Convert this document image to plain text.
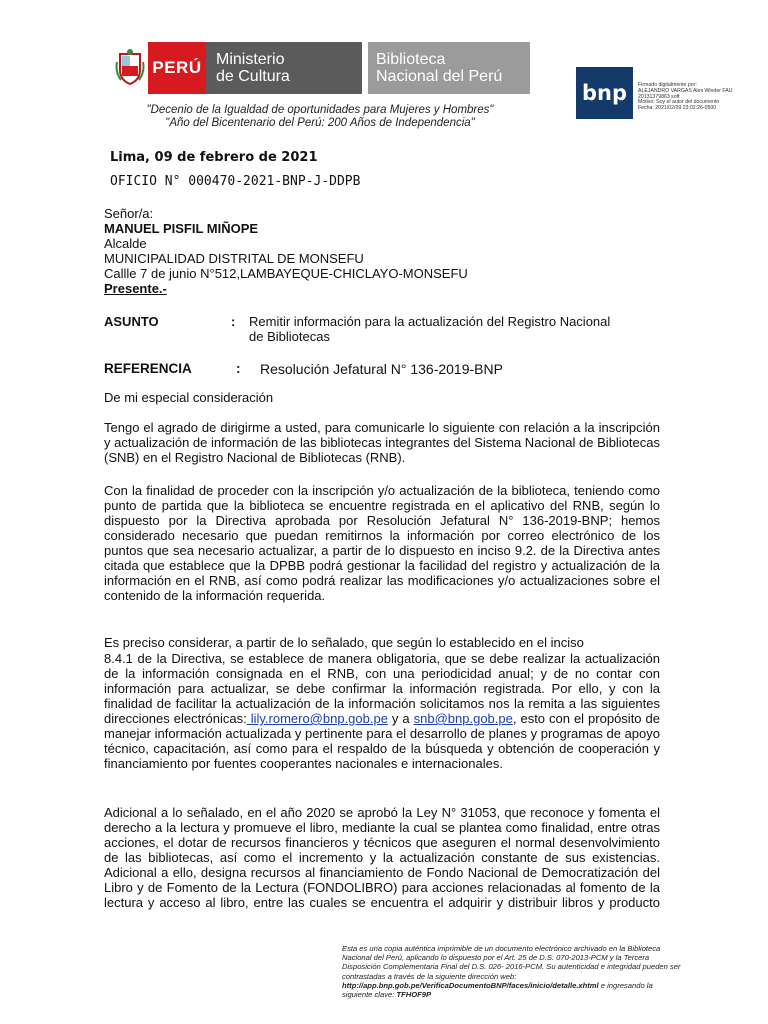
PERÚ Ministerio
de Cultura
Biblioteca
Nacional del Perú
bnp Firmado digitalmente por:
ALEJANDRO VARGAS Alex Winder FAU
20131379863 soft
Motivo: Soy el autor del documento
Fecha: 2021/02/09 23:02:26-0500
"Decenio de la Igualdad de oportunidades para Mujeres y Hombres"
"Año del Bicentenario del Perú: 200 Años de Independencia"
Lima, 09 de febrero de 2021
OFICIO N° 000470-2021-BNP-J-DDPB
Señor/a:
MANUEL PISFIL MIÑOPE
Alcalde
MUNICIPALIDAD DISTRITAL DE MONSEFU
Callle 7 de junio N°512,LAMBAYEQUE-CHICLAYO-MONSEFU
Presente.-
ASUNTO	: Remitir información para la actualización del Registro Nacional
de Bibliotecas
REFERENCIA	: Resolución Jefatural N° 136-2019-BNP
De mi especial consideración
Tengo el agrado de dirigirme a usted, para comunicarle lo siguiente con relación a la inscripción y actualización de información de las bibliotecas integrantes del Sistema Nacional de Bibliotecas (SNB) en el Registro Nacional de Bibliotecas (RNB).
Con la finalidad de proceder con la inscripción y/o actualización de la biblioteca, teniendo como punto de partida que la biblioteca se encuentre registrada en el aplicativo del RNB, según lo dispuesto por la Directiva aprobada por Resolución Jefatural N° 136-2019-BNP; hemos considerado necesario que puedan remitirnos la información por correo electrónico de los puntos que sea necesario actualizar, a partir de lo dispuesto en inciso 9.2. de la Directiva antes citada que establece que la DPBB podrá gestionar la facilidad del registro y actualización de la información en el RNB, así como podrá realizar las modificaciones y/o actualizaciones sobre el contenido de la información requerida.
Es preciso considerar, a partir de lo señalado, que según lo establecido en el inciso
8.4.1 de la Directiva, se establece de manera obligatoria, que se debe realizar la actualización de la información consignada en el RNB, con una periodicidad anual; y de no contar con información para actualizar, se debe confirmar la información registrada. Por ello, y con la finalidad de facilitar la actualización de la información solicitamos nos la remita a las siguientes direcciones electrónicas: lily.romero@bnp.gob.pe y a snb@bnp.gob.pe, esto con el propósito de manejar información actualizada y pertinente para el desarrollo de planes y programas de apoyo técnico, capacitación, así como para el respaldo de la búsqueda y obtención de cooperación y financiamiento por fuentes cooperantes nacionales e internacionales.
Adicional a lo señalado, en el año 2020 se aprobó la Ley N° 31053, que reconoce y fomenta el derecho a la lectura y promueve el libro, mediante la cual se plantea como finalidad, entre otras acciones, el dotar de recursos financieros y técnicos que aseguren el normal desenvolvimiento de las bibliotecas, así como el incremento y la actualización constante de sus existencias. Adicional a ello, designa recursos al financiamiento de Fondo Nacional de Democratización del Libro y de Fomento de la Lectura (FONDOLIBRO) para acciones relacionadas al fomento de la lectura y acceso al libro, entre las cuales se encuentra el adquirir y distribuir libros y producto
Esta es una copia auténtica imprimible de un documento electrónico archivado en la Biblioteca Nacional del Perú, aplicando lo dispuesto por el Art. 25 de D.S. 070-2013-PCM y la Tercera Disposición Complementaria Final del D.S. 026- 2016-PCM. Su autenticidad e integridad pueden ser contrastadas a través de la siguiente dirección web: http://app.bnp.gob.pe/VerificaDocumentoBNP/faces/inicio/detalle.xhtml e ingresando la siguiente clave: TFHOF9P
